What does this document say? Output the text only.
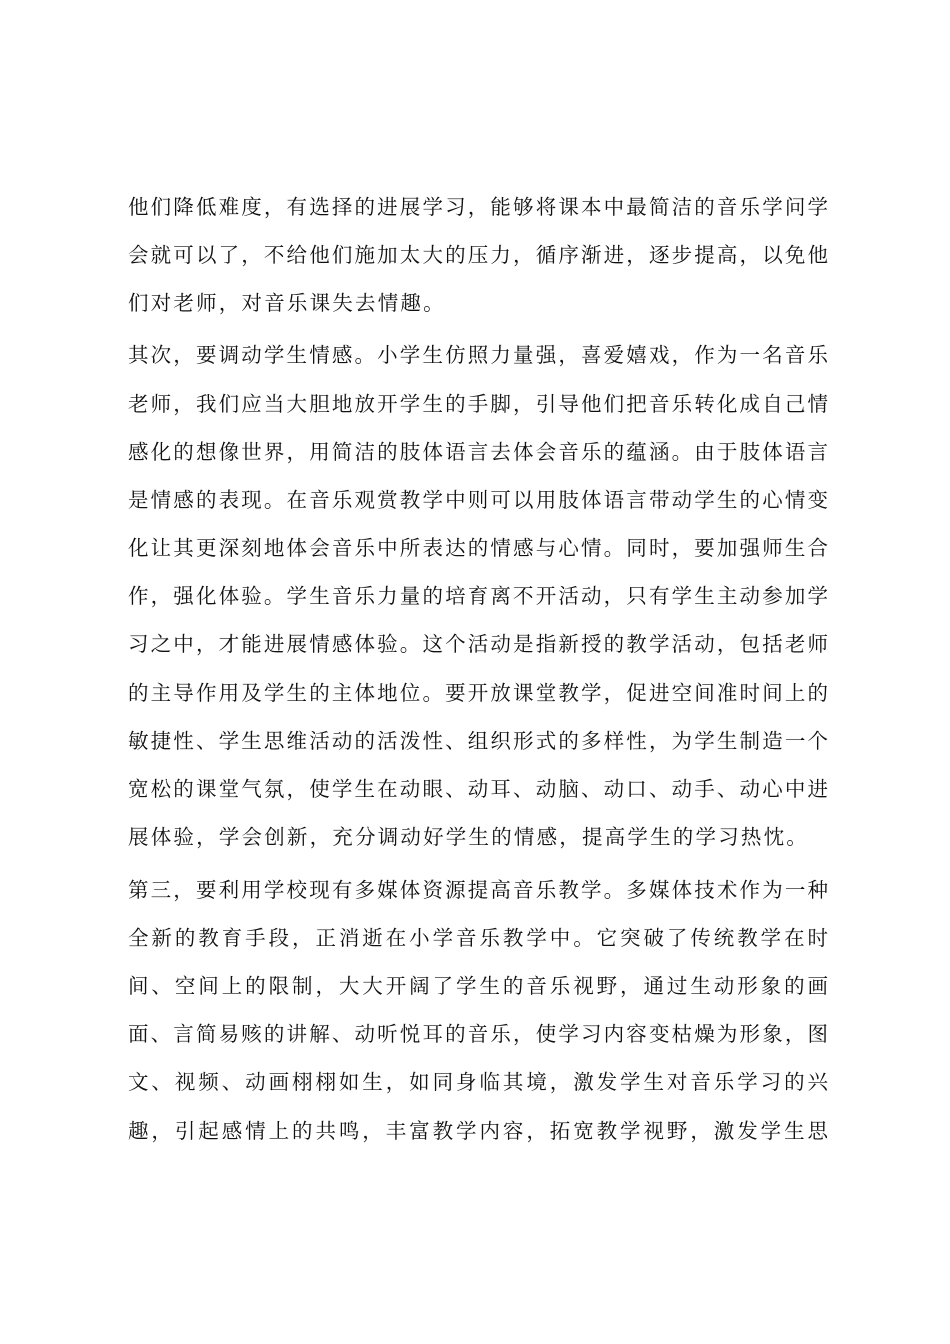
他们降低难度，有选择的进展学习，能够将课本中最简洁的音乐学问学
会就可以了，不给他们施加太大的压力，循序渐进，逐步提高，以免他
们对老师，对音乐课失去情趣。
其次，要调动学生情感。小学生仿照力量强，喜爱嬉戏，作为一名音乐
老师，我们应当大胆地放开学生的手脚，引导他们把音乐转化成自己情
感化的想像世界，用简洁的肢体语言去体会音乐的蕴涵。由于肢体语言
是情感的表现。在音乐观赏教学中则可以用肢体语言带动学生的心情变
化让其更深刻地体会音乐中所表达的情感与心情。同时，要加强师生合
作，强化体验。学生音乐力量的培育离不开活动，只有学生主动参加学
习之中，才能进展情感体验。这个活动是指新授的教学活动，包括老师
的主导作用及学生的主体地位。要开放课堂教学，促进空间准时间上的
敏捷性、学生思维活动的活泼性、组织形式的多样性，为学生制造一个
宽松的课堂气氛，使学生在动眼、动耳、动脑、动口、动手、动心中进
展体验，学会创新，充分调动好学生的情感，提高学生的学习热忱。
第三，要利用学校现有多媒体资源提高音乐教学。多媒体技术作为一种
全新的教育手段，正消逝在小学音乐教学中。它突破了传统教学在时
间、空间上的限制，大大开阔了学生的音乐视野，通过生动形象的画
面、言简易赅的讲解、动听悦耳的音乐，使学习内容变枯燥为形象，图
文、视频、动画栩栩如生，如同身临其境，激发学生对音乐学习的兴
趣，引起感情上的共鸣，丰富教学内容，拓宽教学视野，激发学生思
